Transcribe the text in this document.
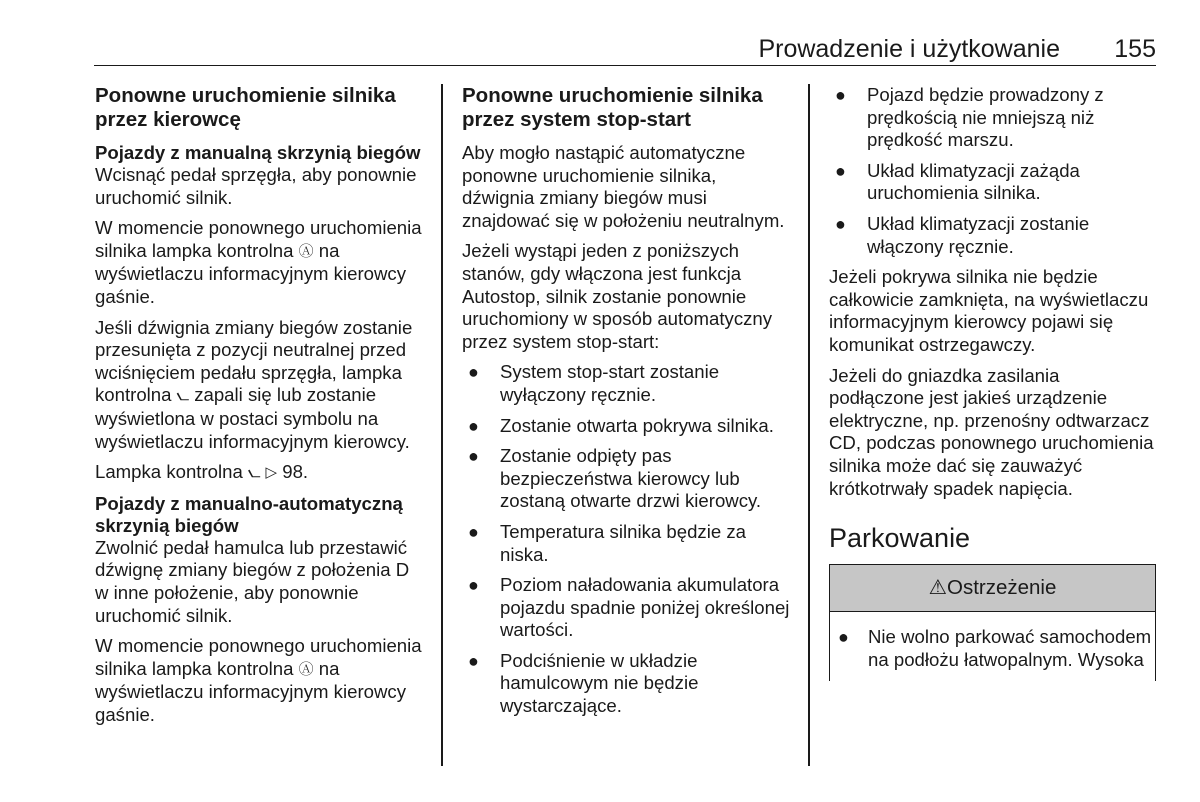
Prowadzenie i użytkowanie 155
Ponowne uruchomienie silnika przez kierowcę
Pojazdy z manualną skrzynią biegów

Wcisnąć pedał sprzęgła, aby ponownie uruchomić silnik.

W momencie ponownego uruchomienia silnika lampka kontrolna Ⓐ na wyświetlaczu informacyjnym kierowcy gaśnie.

Jeśli dźwignia zmiany biegów zostanie przesunięta z pozycji neutralnej przed wciśnięciem pedału sprzęgła, lampka kontrolna ⦦ zapali się lub zostanie wyświetlona w postaci symbolu na wyświetlaczu informacyjnym kierowcy.

Lampka kontrolna ⦦ ▷ 98.

Pojazdy z manualno-automatyczną skrzynią biegów

Zwolnić pedał hamulca lub przestawić dźwignę zmiany biegów z położenia D w inne położenie, aby ponownie uruchomić silnik.

W momencie ponownego uruchomienia silnika lampka kontrolna Ⓐ na wyświetlaczu informacyjnym kierowcy gaśnie.

Ponowne uruchomienie silnika przez system stop-start

Aby mogło nastąpić automatyczne ponowne uruchomienie silnika, dźwignia zmiany biegów musi znajdować się w położeniu neutralnym.

Jeżeli wystąpi jeden z poniższych stanów, gdy włączona jest funkcja Autostop, silnik zostanie ponownie uruchomiony w sposób automatyczny przez system stop-start:

● System stop-start zostanie wyłączony ręcznie.
● Zostanie otwarta pokrywa silnika.
● Zostanie odpięty pas bezpieczeństwa kierowcy lub zostaną otwarte drzwi kierowcy.
● Temperatura silnika będzie za niska.
● Poziom naładowania akumulatora pojazdu spadnie poniżej określonej wartości.
● Podciśnienie w układzie hamulcowym nie będzie wystarczające.
● Pojazd będzie prowadzony z prędkością nie mniejszą niż prędkość marszu.
● Układ klimatyzacji zażąda uruchomienia silnika.
● Układ klimatyzacji zostanie włączony ręcznie.

Jeżeli pokrywa silnika nie będzie całkowicie zamknięta, na wyświetlaczu informacyjnym kierowcy pojawi się komunikat ostrzegawczy.

Jeżeli do gniazdka zasilania podłączone jest jakieś urządzenie elektryczne, np. przenośny odtwarzacz CD, podczas ponownego uruchomienia silnika może dać się zauważyć krótkotrwały spadek napięcia.

Parkowanie
⚠Ostrzeżenie
● Nie wolno parkować samochodem na podłożu łatwopalnym. Wysoka
